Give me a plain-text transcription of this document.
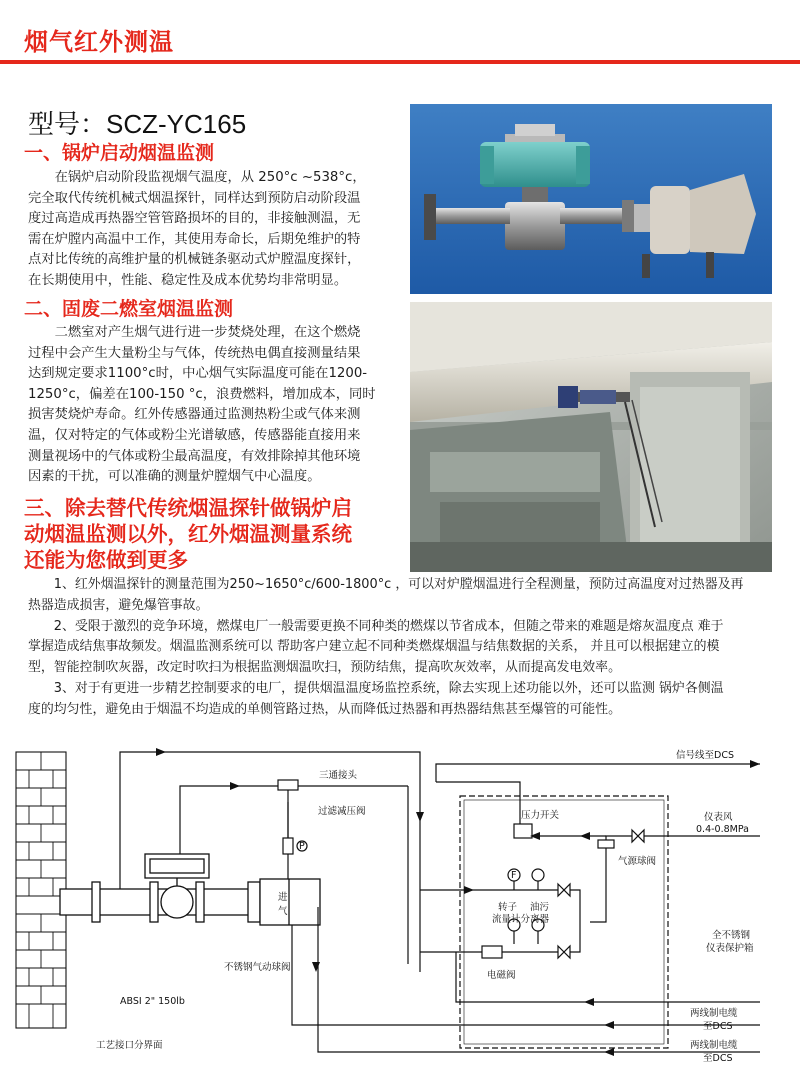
烟气红外测温
型号：SCZ-YC165
一、锅炉启动烟温监测
　　在锅炉启动阶段监视烟气温度，从 250°c ~538°c，
完全取代传统机械式烟温探针，同样达到预防启动阶段温
度过高造成再热器空管管路损坏的目的，非接触测温，无
需在炉膛内高温中工作，其使用寿命长，后期免维护的特
点对比传统的高维护量的机械链条驱动式炉膛温度探针，
在长期使用中，性能、稳定性及成本优势均非常明显。
二、固废二燃室烟温监测
　　二燃室对产生烟气进行进一步焚烧处理，在这个燃烧
过程中会产生大量粉尘与气体，传统热电偶直接测量结果
达到规定要求1100°c时，中心烟气实际温度可能在1200-
1250°c，偏差在100-150 °c，浪费燃料，增加成本，同时
损害焚烧炉寿命。红外传感器通过监测热粉尘或气体来测
温，仅对特定的气体或粉尘光谱敏感，传感器能直接用来
测量视场中的气体或粉尘最高温度，有效排除掉其他环境
因素的干扰，可以准确的测量炉膛烟气中心温度。
三、除去替代传统烟温探针做锅炉启
动烟温监测以外，红外烟温测量系统
还能为您做到更多
　　1、红外烟温探针的测量范围为250~1650°c/600-1800°c ，可以对炉膛烟温进行全程测量，预防过高温度对过热器及再
热器造成损害，避免爆管事故。
　　2、受限于激烈的竞争环境，燃煤电厂一般需要更换不同种类的燃煤以节省成本，但随之带来的难题是熔灰温度点 难于
掌握造成结焦事故频发。烟温监测系统可以 帮助客户建立起不同种类燃煤烟温与结焦数据的关系， 并且可以根据建立的模
型，智能控制吹灰器，改定时吹扫为根据监测烟温吹扫，预防结焦，提高吹灰效率，从而提高发电效率。
　　3、对于有更进一步精艺控制要求的电厂，提供烟温温度场监控系统，除去实现上述功能以外，还可以监测 锅炉各侧温
度的均匀性，避免由于烟温不均造成的单侧管路过热，从而降低过热器和再热器结焦甚至爆管的可能性。
三通接头
信号线至DCS
压力开关	仪表风
0.4-0.8MPa
过滤减压阀
气源球阀
进
气	转子 油污
流量计分离器
全不锈钢
仪表保护箱
不锈钢气动球阀
电磁阀
ABSI 2" 150lb
两线制电缆
至DCS
工艺接口分界面	两线制电缆
至DCS
P
F
